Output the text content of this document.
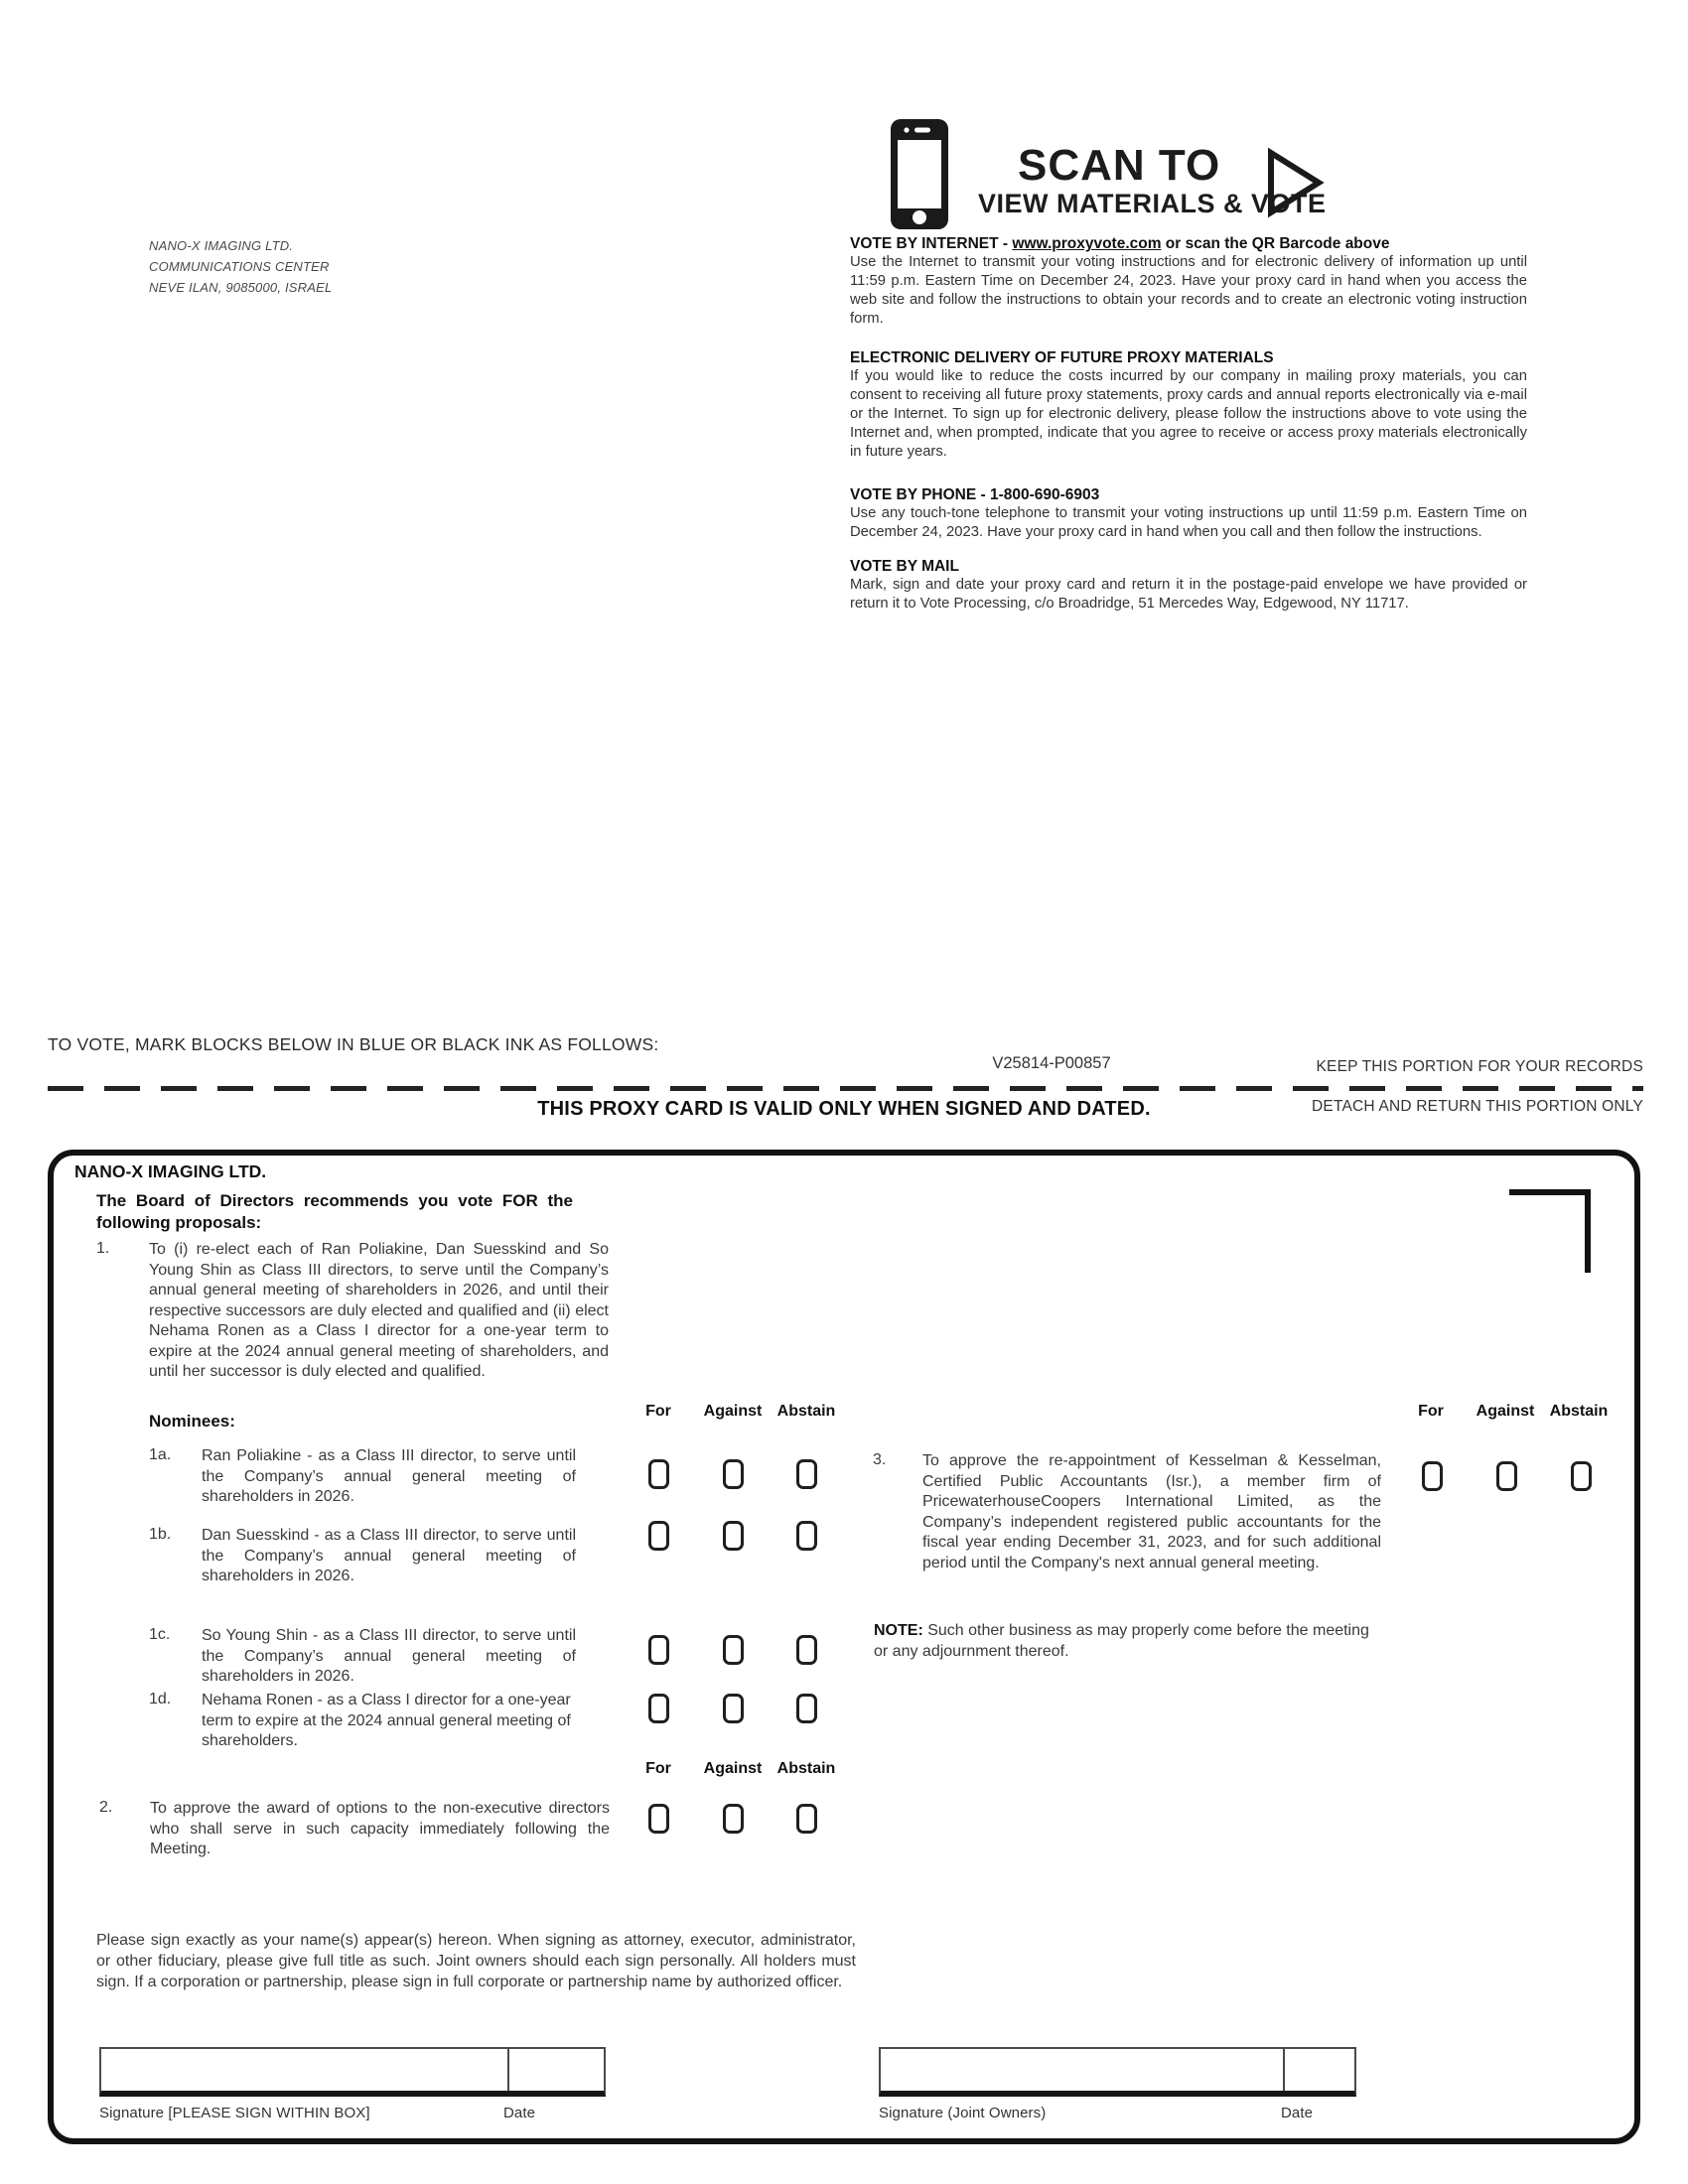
NANO-X IMAGING LTD.
COMMUNICATIONS CENTER
NEVE ILAN, 9085000, ISRAEL
SCAN TO
VIEW MATERIALS & VOTE
VOTE BY INTERNET - www.proxyvote.com or scan the QR Barcode above
Use the Internet to transmit your voting instructions and for electronic delivery of information up until 11:59 p.m. Eastern Time on December 24, 2023. Have your proxy card in hand when you access the web site and follow the instructions to obtain your records and to create an electronic voting instruction form.
ELECTRONIC DELIVERY OF FUTURE PROXY MATERIALS
If you would like to reduce the costs incurred by our company in mailing proxy materials, you can consent to receiving all future proxy statements, proxy cards and annual reports electronically via e-mail or the Internet. To sign up for electronic delivery, please follow the instructions above to vote using the Internet and, when prompted, indicate that you agree to receive or access proxy materials electronically in future years.
VOTE BY PHONE - 1-800-690-6903
Use any touch-tone telephone to transmit your voting instructions up until 11:59 p.m. Eastern Time on December 24, 2023. Have your proxy card in hand when you call and then follow the instructions.
VOTE BY MAIL
Mark, sign and date your proxy card and return it in the postage-paid envelope we have provided or return it to Vote Processing, c/o Broadridge, 51 Mercedes Way, Edgewood, NY 11717.
TO VOTE, MARK BLOCKS BELOW IN BLUE OR BLACK INK AS FOLLOWS:
V25814-P00857	KEEP THIS PORTION FOR YOUR RECORDS
THIS PROXY CARD IS VALID ONLY WHEN SIGNED AND DATED.	DETACH AND RETURN THIS PORTION ONLY
NANO-X IMAGING LTD.
The Board of Directors recommends you vote FOR the following proposals:
1. To (i) re-elect each of Ran Poliakine, Dan Suesskind and So Young Shin as Class III directors, to serve until the Company’s annual general meeting of shareholders in 2026, and until their respective successors are duly elected and qualified and (ii) elect Nehama Ronen as a Class I director for a one-year term to expire at the 2024 annual general meeting of shareholders, and until her successor is duly elected and qualified.
Nominees:
For	Against Abstain	For	Against Abstain
1a. Ran Poliakine - as a Class III director, to serve until the Company’s annual general meeting of shareholders in 2026.
1b. Dan Suesskind - as a Class III director, to serve until the Company’s annual general meeting of shareholders in 2026.
1c. So Young Shin - as a Class III director, to serve until the Company’s annual general meeting of shareholders in 2026.
1d. Nehama Ronen - as a Class I director for a one-year term to expire at the 2024 annual general meeting of shareholders.
For	Against Abstain
2. To approve the award of options to the non-executive directors who shall serve in such capacity immediately following the Meeting.
3. To approve the re-appointment of Kesselman & Kesselman, Certified Public Accountants (Isr.), a member firm of PricewaterhouseCoopers International Limited, as the Company’s independent registered public accountants for the fiscal year ending December 31, 2023, and for such additional period until the Company's next annual general meeting.
NOTE: Such other business as may properly come before the meeting or any adjournment thereof.
Please sign exactly as your name(s) appear(s) hereon. When signing as attorney, executor, administrator, or other fiduciary, please give full title as such. Joint owners should each sign personally. All holders must sign. If a corporation or partnership, please sign in full corporate or partnership name by authorized officer.
Signature [PLEASE SIGN WITHIN BOX]	Date	Signature (Joint Owners)	Date
